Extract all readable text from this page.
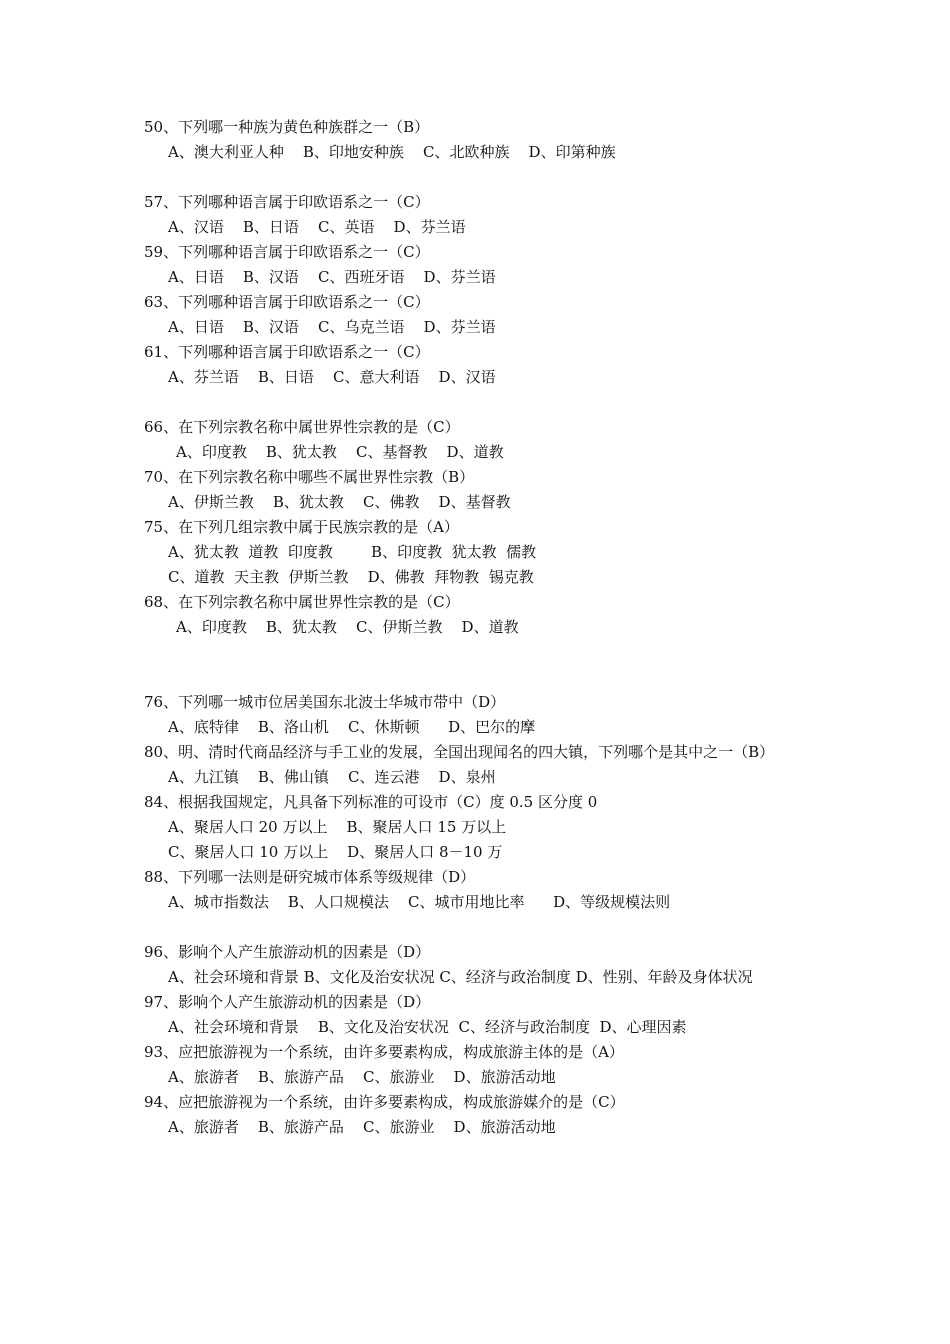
50、下列哪一种族为黄色种族群之一（B）
A、澳大利亚人种    B、印地安种族    C、北欧种族    D、印第种族
57、下列哪种语言属于印欧语系之一（C）
A、汉语    B、日语    C、英语    D、芬兰语
59、下列哪种语言属于印欧语系之一（C）
A、日语    B、汉语    C、西班牙语    D、芬兰语
63、下列哪种语言属于印欧语系之一（C）
A、日语    B、汉语    C、乌克兰语    D、芬兰语
61、下列哪种语言属于印欧语系之一（C）
A、芬兰语    B、日语    C、意大利语    D、汉语
66、在下列宗教名称中属世界性宗教的是（C）
A、印度教    B、犹太教    C、基督教    D、道教
70、在下列宗教名称中哪些不属世界性宗教（B）
A、伊斯兰教    B、犹太教    C、佛教    D、基督教
75、在下列几组宗教中属于民族宗教的是（A）
A、犹太教  道教  印度教        B、印度教  犹太教  儒教
C、道教  天主教  伊斯兰教    D、佛教  拜物教  锡克教
68、在下列宗教名称中属世界性宗教的是（C）
A、印度教    B、犹太教    C、伊斯兰教    D、道教
76、下列哪一城市位居美国东北波士华城市带中（D）
A、底特律    B、洛山机    C、休斯顿      D、巴尔的摩
80、明、清时代商品经济与手工业的发展，全国出现闻名的四大镇，下列哪个是其中之一（B）
A、九江镇    B、佛山镇    C、连云港    D、泉州
84、根据我国规定，凡具备下列标准的可设市（C）度 0.5 区分度 0
A、聚居人口 20 万以上    B、聚居人口 15 万以上
C、聚居人口 10 万以上    D、聚居人口 8－10 万
88、下列哪一法则是研究城市体系等级规律（D）
A、城市指数法    B、人口规模法    C、城市用地比率      D、等级规模法则
96、影响个人产生旅游动机的因素是（D）
A、社会环境和背景 B、文化及治安状况 C、经济与政治制度 D、性别、年龄及身体状况
97、影响个人产生旅游动机的因素是（D）
A、社会环境和背景    B、文化及治安状况  C、经济与政治制度  D、心理因素
93、应把旅游视为一个系统，由许多要素构成，构成旅游主体的是（A）
A、旅游者    B、旅游产品    C、旅游业    D、旅游活动地
94、应把旅游视为一个系统，由许多要素构成，构成旅游媒介的是（C）
A、旅游者    B、旅游产品    C、旅游业    D、旅游活动地
